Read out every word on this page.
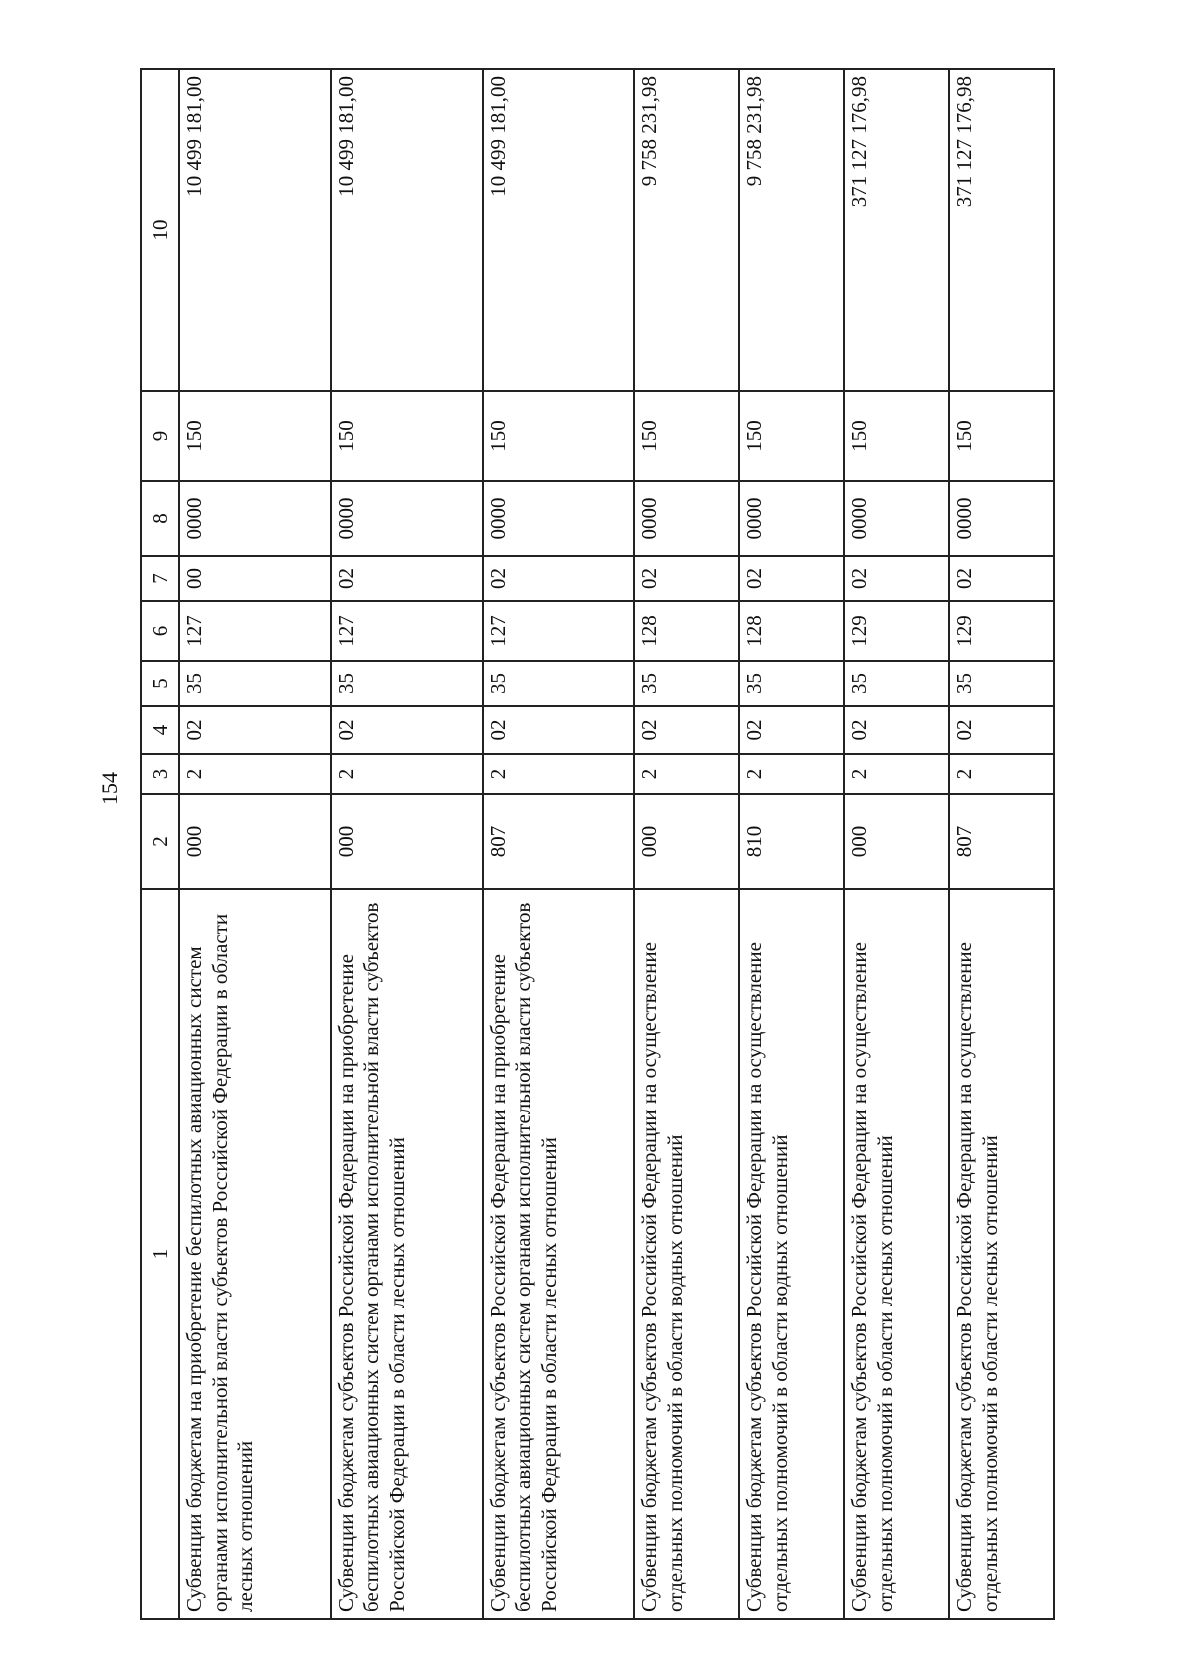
154
1	2	3	4	5	6	7	8	9	10
Субвенции бюджетам на приобретение беспилотных авиационных систем органами исполнительной власти субъектов Российской Федерации в области лесных отношений	000	2	02	35	127	00	0000	150	10 499 181,00
Субвенции бюджетам субъектов Российской Федерации на приобретение беспилотных авиационных систем органами исполнительной власти субъектов Российской Федерации в области лесных отношений	000	2	02	35	127	02	0000	150	10 499 181,00
Субвенции бюджетам субъектов Российской Федерации на приобретение беспилотных авиационных систем органами исполнительной власти субъектов Российской Федерации в области лесных отношений	807	2	02	35	127	02	0000	150	10 499 181,00
Субвенции бюджетам субъектов Российской Федерации на осуществление отдельных полномочий в области водных отношений	000	2	02	35	128	02	0000	150	9 758 231,98
Субвенции бюджетам субъектов Российской Федерации на осуществление отдельных полномочий в области водных отношений	810	2	02	35	128	02	0000	150	9 758 231,98
Субвенции бюджетам субъектов Российской Федерации на осуществление отдельных полномочий в области лесных отношений	000	2	02	35	129	02	0000	150	371 127 176,98
Субвенции бюджетам субъектов Российской Федерации на осуществление отдельных полномочий в области лесных отношений	807	2	02	35	129	02	0000	150	371 127 176,98
